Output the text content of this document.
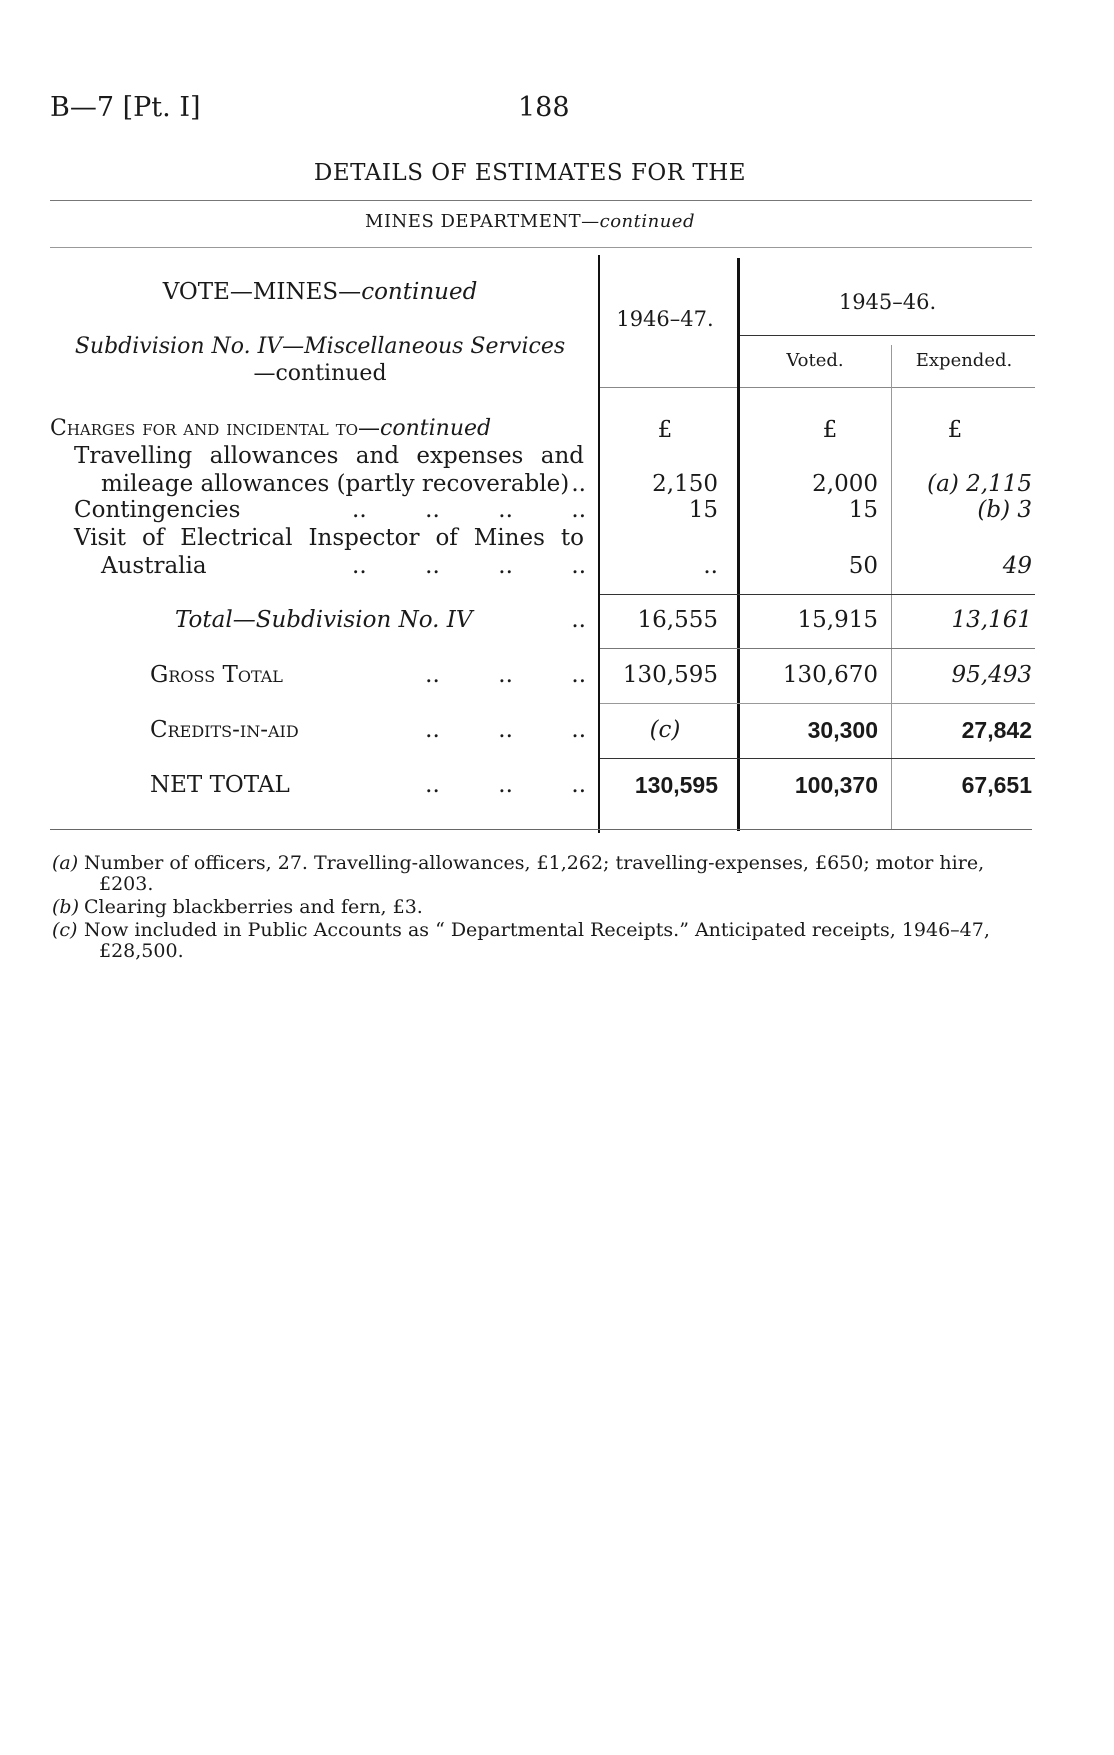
B—7 [Pt. I]	188
DETAILS OF ESTIMATES FOR THE
MINES DEPARTMENT—continued
VOTE—MINES—continued
Subdivision No. IV—Miscellaneous Services
—continued
1946–47.
1945–46.
Voted.	Expended.
Charges for and incidental to—continued	£	£	£
Travelling allowances and expenses and
mileage allowances (partly recoverable) ..	2,150	2,000	(a) 2,115
Contingencies	..        ..        ..        ..	15	15	(b) 3
Visit of Electrical Inspector of Mines to
Australia	..        ..        ..        ..	..	50	49
Total—Subdivision No. IV	..	16,555	15,915	13,161
Gross Total	..        ..        ..	130,595	130,670	95,493
Credits-in-aid	..        ..        ..	(c)	30,300	27,842
NET TOTAL	..        ..        ..	130,595	100,370	67,651
(a) Number of officers, 27. Travelling-allowances, £1,262; travelling-expenses, £650; motor hire,
£203.
(b) Clearing blackberries and fern, £3.
(c) Now included in Public Accounts as “ Departmental Receipts.” Anticipated receipts, 1946–47,
£28,500.
